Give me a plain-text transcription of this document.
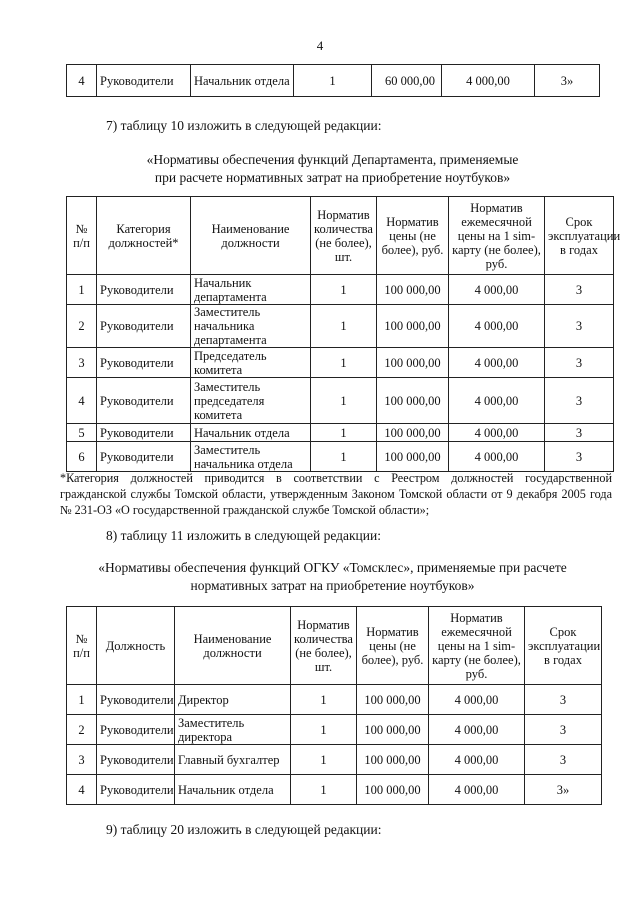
4
4	Руководители	Начальник отдела	1	60 000,00	4 000,00	3»
7) таблицу 10 изложить в следующей редакции:
«Нормативы обеспечения функций Департамента, применяемые
при расчете нормативных затрат на приобретение ноутбуков»
№ п/п	Категория должностей*	Наименование должности	Норматив количества (не более), шт.	Норматив цены (не более), руб.	Норматив ежемесячной цены на 1 sim-карту (не более), руб.	Срок эксплуатации в годах
1	Руководители	Начальник департамента	1	100 000,00	4 000,00	3
2	Руководители	Заместитель начальника департамента	1	100 000,00	4 000,00	3
3	Руководители	Председатель комитета	1	100 000,00	4 000,00	3
4	Руководители	Заместитель председателя комитета	1	100 000,00	4 000,00	3
5	Руководители	Начальник отдела	1	100 000,00	4 000,00	3
6	Руководители	Заместитель начальника отдела	1	100 000,00	4 000,00	3
*Категория должностей приводится в соответствии с Реестром должностей государственной гражданской службы Томской области, утвержденным Законом Томской области от 9 декабря 2005 года № 231-ОЗ «О государственной гражданской службе Томской области»;
8) таблицу 11 изложить в следующей редакции:
«Нормативы обеспечения функций ОГКУ «Томсклес», применяемые при расчете
нормативных затрат на приобретение ноутбуков»
№ п/п	Должность	Наименование должности	Норматив количества (не более), шт.	Норматив цены (не более), руб.	Норматив ежемесячной цены на 1 sim-карту (не более), руб.	Срок эксплуатации в годах
1	Руководители	Директор	1	100 000,00	4 000,00	3
2	Руководители	Заместитель директора	1	100 000,00	4 000,00	3
3	Руководители	Главный бухгалтер	1	100 000,00	4 000,00	3
4	Руководители	Начальник отдела	1	100 000,00	4 000,00	3»
9) таблицу 20 изложить в следующей редакции:
